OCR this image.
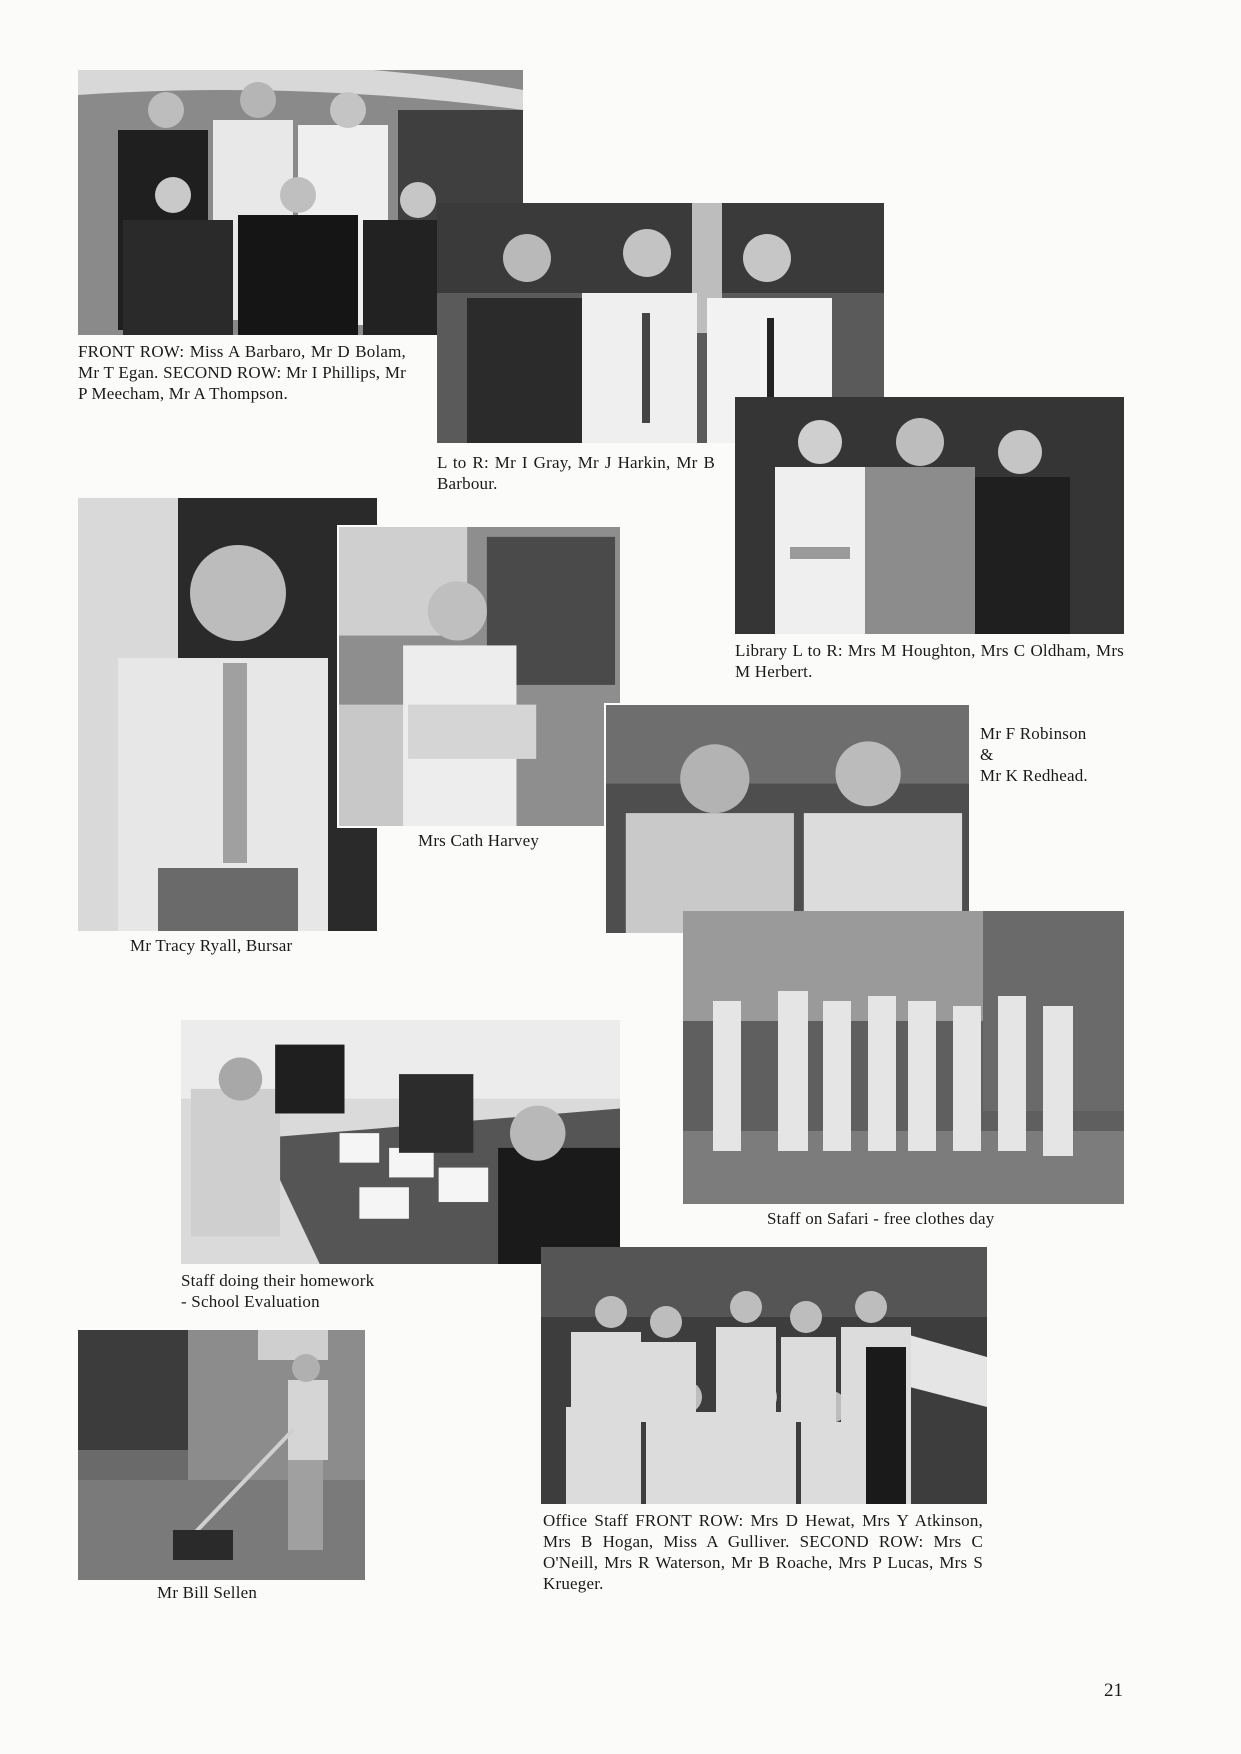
FRONT ROW: Miss A Barbaro, Mr D Bolam, Mr T Egan. SECOND ROW: Mr I Phillips, Mr P Meecham, Mr A Thompson.
L to R: Mr I Gray, Mr J Harkin, Mr B Barbour.
Library L to R: Mrs M Houghton, Mrs C Oldham, Mrs M Herbert.
Mr Tracy Ryall, Bursar
Mrs Cath Harvey
Mr F Robinson
&
Mr K Redhead.
Staff on Safari - free clothes day
Staff doing their homework
- School Evaluation
Mr Bill Sellen
Office Staff FRONT ROW: Mrs D Hewat, Mrs Y Atkinson, Mrs B Hogan, Miss A Gulliver. SECOND ROW: Mrs C O'Neill, Mrs R Waterson, Mr B Roache, Mrs P Lucas, Mrs S Krueger.
21
